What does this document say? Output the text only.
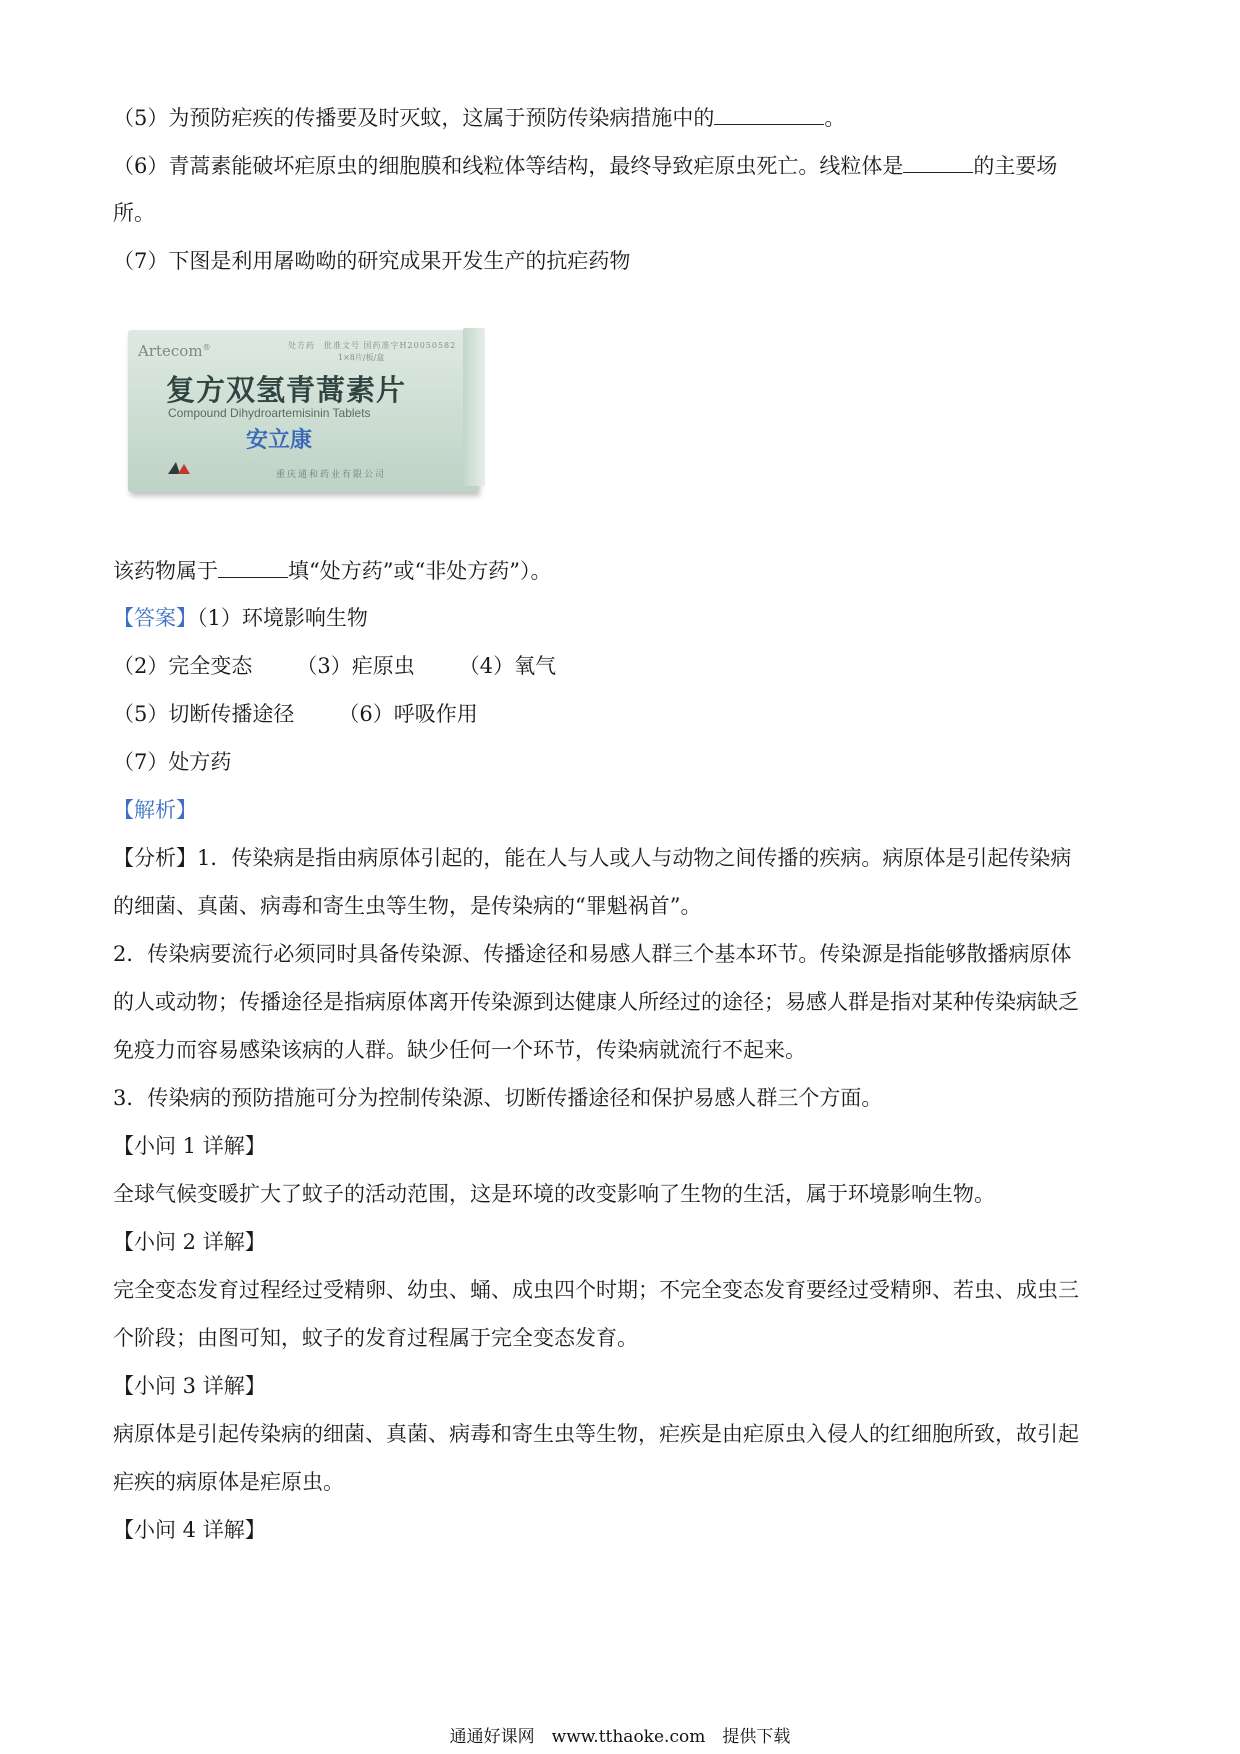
（5）为预防疟疾的传播要及时灭蚊，这属于预防传染病措施中的	。
（6）青蒿素能破坏疟原虫的细胞膜和线粒体等结构，最终导致疟原虫死亡。线粒体是	的主要场
所。
（7）下图是利用屠呦呦的研究成果开发生产的抗疟药物
Artecom®	处方药　批准文号 国药准字H20050582
1×8片/板/盒
复方双氢青蒿素片
Compound Dihydroartemisinin Tablets
安立康
重庆通和药业有限公司
该药物属于	填“处方药”或“非处方药”）。
【答案】（1）环境影响生物
（2）完全变态 （3）疟原虫 （4）氧气
（5）切断传播途径 （6）呼吸作用
（7）处方药
【解析】
【分析】1．传染病是指由病原体引起的，能在人与人或人与动物之间传播的疾病。病原体是引起传染病
的细菌、真菌、病毒和寄生虫等生物，是传染病的“罪魁祸首”。
2．传染病要流行必须同时具备传染源、传播途径和易感人群三个基本环节。传染源是指能够散播病原体
的人或动物；传播途径是指病原体离开传染源到达健康人所经过的途径；易感人群是指对某种传染病缺乏
免疫力而容易感染该病的人群。缺少任何一个环节，传染病就流行不起来。
3．传染病的预防措施可分为控制传染源、切断传播途径和保护易感人群三个方面。
【小问 1 详解】
全球气候变暖扩大了蚊子的活动范围，这是环境的改变影响了生物的生活，属于环境影响生物。
【小问 2 详解】
完全变态发育过程经过受精卵、幼虫、蛹、成虫四个时期；不完全变态发育要经过受精卵、若虫、成虫三
个阶段；由图可知，蚊子的发育过程属于完全变态发育。
【小问 3 详解】
病原体是引起传染病的细菌、真菌、病毒和寄生虫等生物，疟疾是由疟原虫入侵人的红细胞所致，故引起
疟疾的病原体是疟原虫。
【小问 4 详解】
通通好课网　www.tthaoke.com　提供下载
